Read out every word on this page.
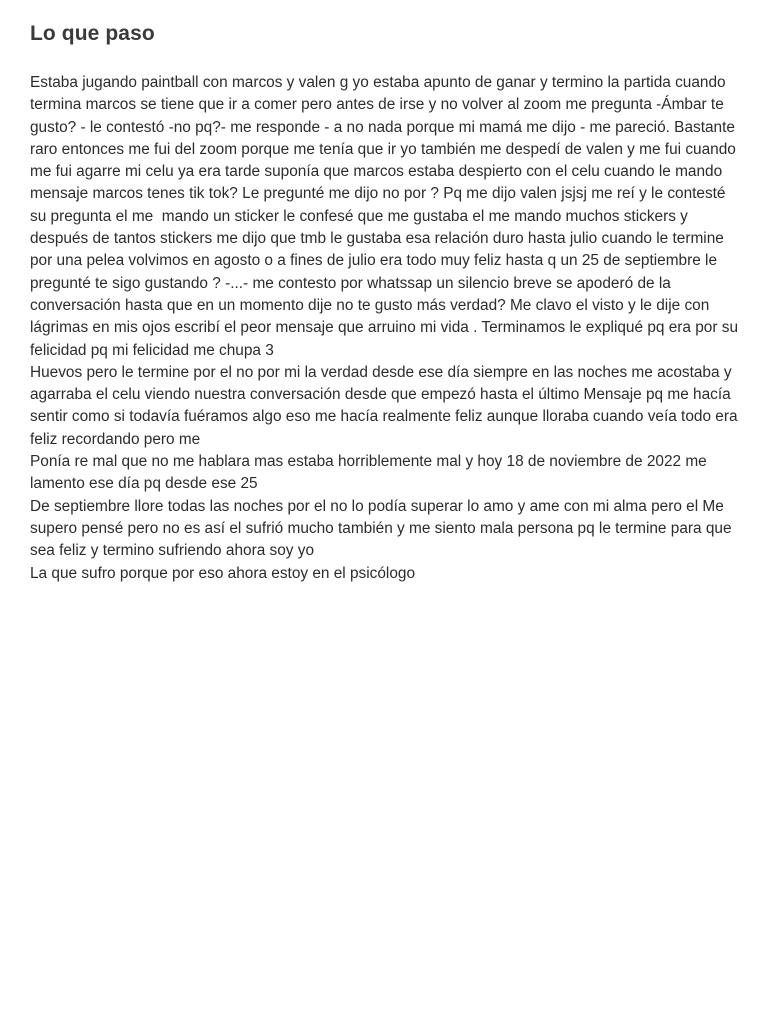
Lo que paso

Estaba jugando paintball con marcos y valen g yo estaba apunto de ganar y termino la partida cuando termina marcos se tiene que ir a comer pero antes de irse y no volver al zoom me pregunta -Ámbar te gusto? - le contestó -no pq?- me responde - a no nada porque mi mamá me dijo - me pareció. Bastante raro entonces me fui del zoom porque me tenía que ir yo también me despedí de valen y me fui cuando me fui agarre mi celu ya era tarde suponía que marcos estaba despierto con el celu cuando le mando mensaje marcos tenes tik tok? Le pregunté me dijo no por ? Pq me dijo valen jsjsj me reí y le contesté su pregunta el me  mando un sticker le confesé que me gustaba el me mando muchos stickers y después de tantos stickers me dijo que tmb le gustaba esa relación duro hasta julio cuando le termine por una pelea volvimos en agosto o a fines de julio era todo muy feliz hasta q un 25 de septiembre le pregunté te sigo gustando ? -...- me contesto por whatssap un silencio breve se apoderó de la conversación hasta que en un momento dije no te gusto más verdad? Me clavo el visto y le dije con lágrimas en mis ojos escribí el peor mensaje que arruino mi vida . Terminamos le expliqué pq era por su felicidad pq mi felicidad me chupa 3

Huevos pero le termine por el no por mi la verdad desde ese día siempre en las noches me acostaba y agarraba el celu viendo nuestra conversación desde que empezó hasta el último Mensaje pq me hacía sentir como si todavía fuéramos algo eso me hacía realmente feliz aunque lloraba cuando veía todo era feliz recordando pero me

Ponía re mal que no me hablara mas estaba horriblemente mal y hoy 18 de noviembre de 2022 me lamento ese día pq desde ese 25

De septiembre llore todas las noches por el no lo podía superar lo amo y ame con mi alma pero el Me supero pensé pero no es así el sufrió mucho también y me siento mala persona pq le termine para que sea feliz y termino sufriendo ahora soy yo

La que sufro porque por eso ahora estoy en el psicólogo
